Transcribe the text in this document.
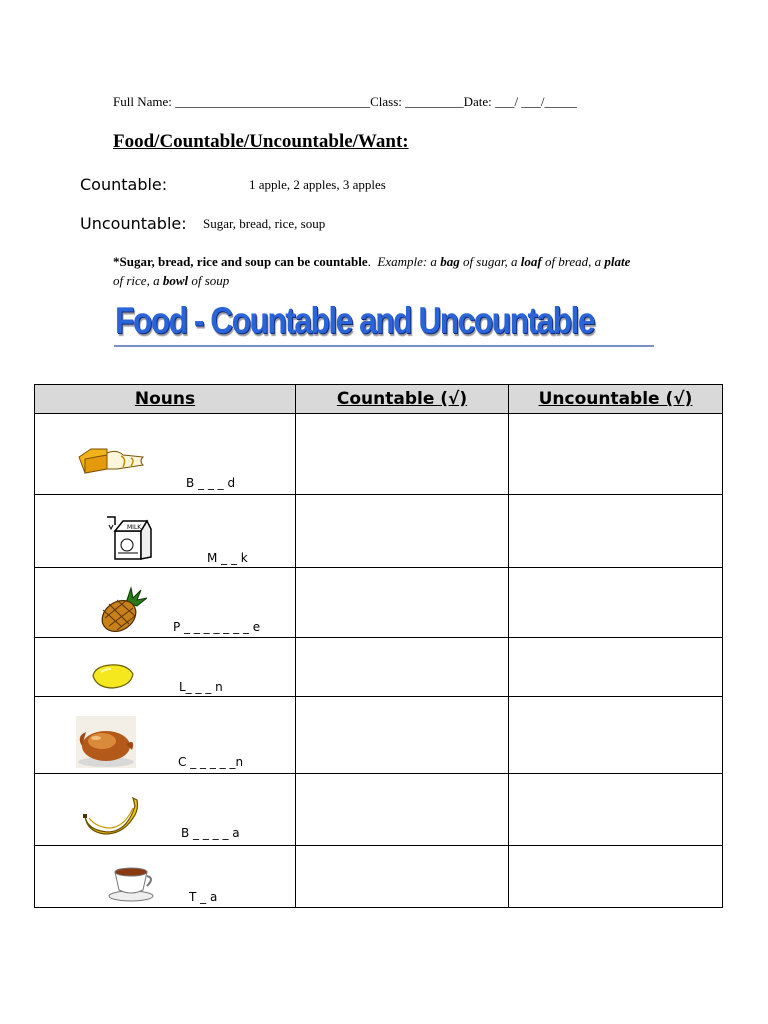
Full Name: ______________________________Class: _________Date: ___/ ___/_____
Food/Countable/Uncountable/Want:
Countable:	1 apple, 2 apples, 3 apples
Uncountable: Sugar, bread, rice, soup
*Sugar, bread, rice and soup can be countable. Example: a bag of sugar, a loaf of bread, a plate of rice, a bowl of soup
Food - Countable and Uncountable
Nouns	Countable (√)	Uncountable (√)

B _ _ _ d		

MILK
M _ _ k		

P _ _ _ _ _ _ _ e		

L_ _ _ n		

C _ _ _ _ _n		

B _ _ _ _ a		

T _ a		
